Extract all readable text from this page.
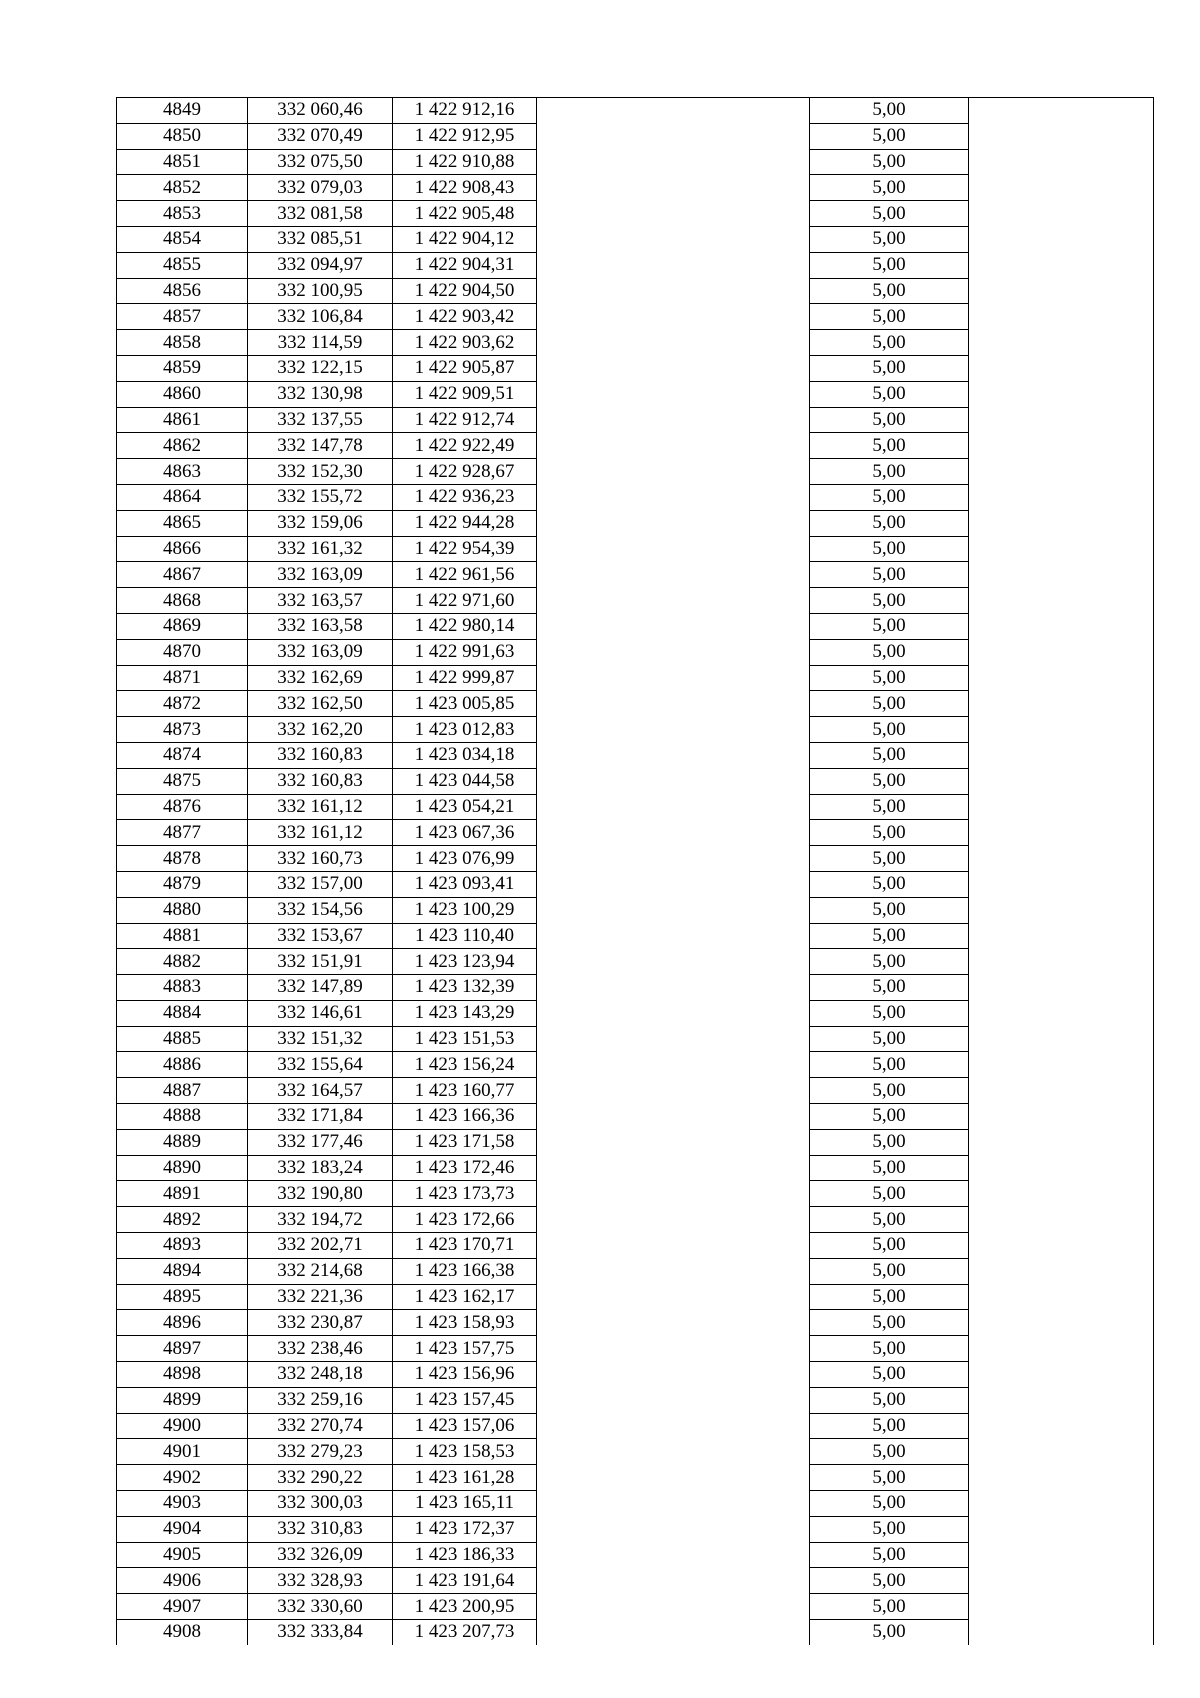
4849	332 060,46	1 422 912,16		5,00	
4850	332 070,49	1 422 912,95		5,00	
4851	332 075,50	1 422 910,88		5,00	
4852	332 079,03	1 422 908,43		5,00	
4853	332 081,58	1 422 905,48		5,00	
4854	332 085,51	1 422 904,12		5,00	
4855	332 094,97	1 422 904,31		5,00	
4856	332 100,95	1 422 904,50		5,00	
4857	332 106,84	1 422 903,42		5,00	
4858	332 114,59	1 422 903,62		5,00	
4859	332 122,15	1 422 905,87		5,00	
4860	332 130,98	1 422 909,51		5,00	
4861	332 137,55	1 422 912,74		5,00	
4862	332 147,78	1 422 922,49		5,00	
4863	332 152,30	1 422 928,67		5,00	
4864	332 155,72	1 422 936,23		5,00	
4865	332 159,06	1 422 944,28		5,00	
4866	332 161,32	1 422 954,39		5,00	
4867	332 163,09	1 422 961,56		5,00	
4868	332 163,57	1 422 971,60		5,00	
4869	332 163,58	1 422 980,14		5,00	
4870	332 163,09	1 422 991,63		5,00	
4871	332 162,69	1 422 999,87		5,00	
4872	332 162,50	1 423 005,85		5,00	
4873	332 162,20	1 423 012,83		5,00	
4874	332 160,83	1 423 034,18		5,00	
4875	332 160,83	1 423 044,58		5,00	
4876	332 161,12	1 423 054,21		5,00	
4877	332 161,12	1 423 067,36		5,00	
4878	332 160,73	1 423 076,99		5,00	
4879	332 157,00	1 423 093,41		5,00	
4880	332 154,56	1 423 100,29		5,00	
4881	332 153,67	1 423 110,40		5,00	
4882	332 151,91	1 423 123,94		5,00	
4883	332 147,89	1 423 132,39		5,00	
4884	332 146,61	1 423 143,29		5,00	
4885	332 151,32	1 423 151,53		5,00	
4886	332 155,64	1 423 156,24		5,00	
4887	332 164,57	1 423 160,77		5,00	
4888	332 171,84	1 423 166,36		5,00	
4889	332 177,46	1 423 171,58		5,00	
4890	332 183,24	1 423 172,46		5,00	
4891	332 190,80	1 423 173,73		5,00	
4892	332 194,72	1 423 172,66		5,00	
4893	332 202,71	1 423 170,71		5,00	
4894	332 214,68	1 423 166,38		5,00	
4895	332 221,36	1 423 162,17		5,00	
4896	332 230,87	1 423 158,93		5,00	
4897	332 238,46	1 423 157,75		5,00	
4898	332 248,18	1 423 156,96		5,00	
4899	332 259,16	1 423 157,45		5,00	
4900	332 270,74	1 423 157,06		5,00	
4901	332 279,23	1 423 158,53		5,00	
4902	332 290,22	1 423 161,28		5,00	
4903	332 300,03	1 423 165,11		5,00	
4904	332 310,83	1 423 172,37		5,00	
4905	332 326,09	1 423 186,33		5,00	
4906	332 328,93	1 423 191,64		5,00	
4907	332 330,60	1 423 200,95		5,00	
4908	332 333,84	1 423 207,73		5,00	
